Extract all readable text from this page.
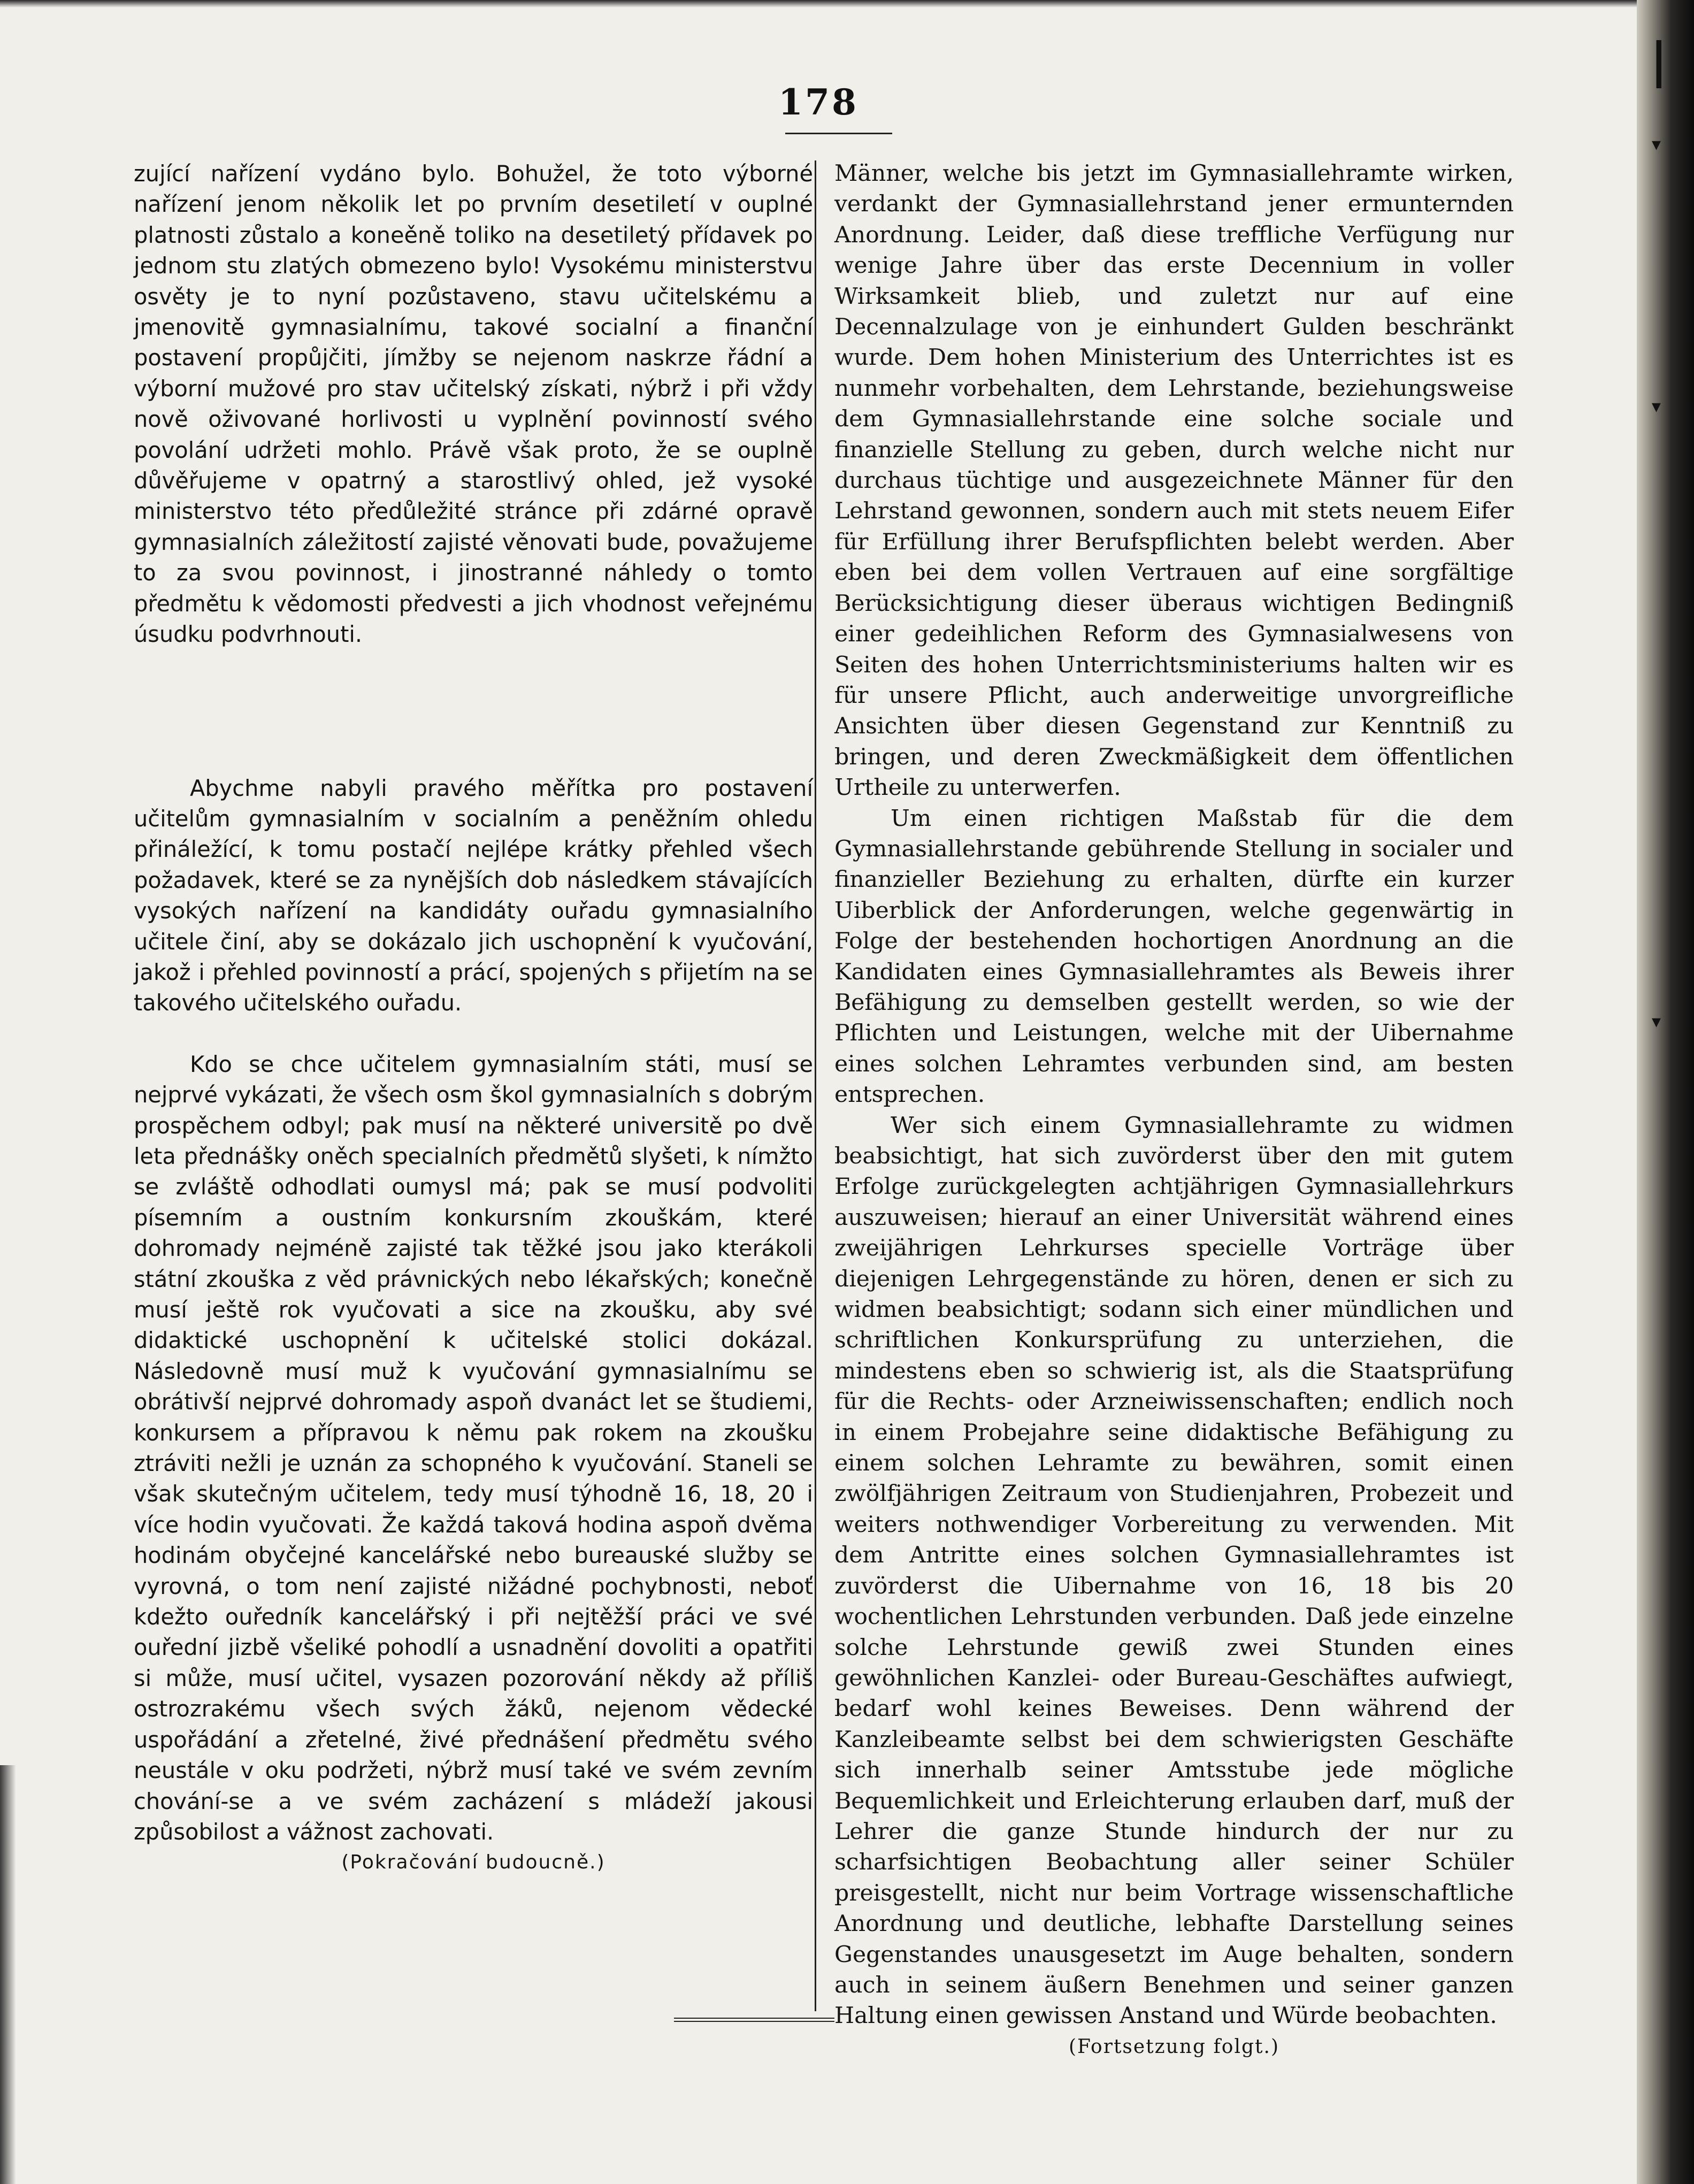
178

zující nařízení vydáno bylo. Bohužel, že toto výborné nařízení jenom několik let po prvním desetiletí v ouplné platnosti zůstalo a koneěně toliko na desetiletý přídavek po jednom stu zlatých obmezeno bylo! Vysokému ministerstvu osvěty je to nyní pozůstaveno, stavu učitelskému a jmenovitě gymnasialnímu, takové socialní a finanční postavení propůjčiti, jímžby se nejenom naskrze řádní a výborní mužové pro stav učitelský získati, nýbrž i při vždy nově oživované horlivosti u vyplnění povinností svého povolání udržeti mohlo. Právě však proto, že se ouplně důvěřujeme v opatrný a starostlivý ohled, jež vysoké ministerstvo této předůležité stránce při zdárné opravě gymnasialních záležitostí zajisté věnovati bude, považujeme to za svou povinnost, i jinostranné náhledy o tomto předmětu k vědomosti předvesti a jich vhodnost veřejnému úsudku podvrhnouti.

Abychme nabyli pravého měřítka pro postavení učitelům gymnasialním v socialním a peněžním ohledu přináležící, k tomu postačí nejlépe krátky přehled všech požadavek, které se za nynějších dob následkem stávajících vysokých nařízení na kandidáty ouřadu gymnasialního učitele činí, aby se dokázalo jich uschopnění k vyučování, jakož i přehled povinností a prácí, spojených s přijetím na se takového učitelského ouřadu.

Kdo se chce učitelem gymnasialním státi, musí se nejprvé vykázati, že všech osm škol gymnasialních s dobrým prospěchem odbyl; pak musí na některé universitě po dvě leta přednášky oněch specialních předmětů slyšeti, k nímžto se zvláště odhodlati oumysl má; pak se musí podvoliti písemním a oustním konkursním zkouškám, které dohromady nejméně zajisté tak těžké jsou jako kterákoli státní zkouška z věd právnických nebo lékařských; konečně musí ještě rok vyučovati a sice na zkoušku, aby své didaktické uschopnění k učitelské stolici dokázal. Následovně musí muž k vyučování gymnasialnímu se obrátivší nejprvé dohromady aspoň dvanáct let se študiemi, konkursem a přípravou k němu pak rokem na zkoušku ztráviti nežli je uznán za schopného k vyučování. Staneli se však skutečným učitelem, tedy musí týhodně 16, 18, 20 i více hodin vyučovati. Že každá taková hodina aspoň dvěma hodinám obyčejné kancelářské nebo bureauské služby se vyrovná, o tom není zajisté nižádné pochybnosti, neboť kdežto ouředník kancelářský i při nejtěžší práci ve své ouřední jizbě všeliké pohodlí a usnadnění dovoliti a opatřiti si může, musí učitel, vysazen pozorování někdy až příliš ostrozrakému všech svých žáků, nejenom vědecké uspořádání a zřetelné, živé přednášení předmětu svého neustále v oku podržeti, nýbrž musí také ve svém zevním chování-se a ve svém zacházení s mládeží jakousi způsobilost a vážnost zachovati.

(Pokračování budoucně.)

Männer, welche bis jetzt im Gymnasiallehramte wirken, verdankt der Gymnasiallehrstand jener ermunternden Anordnung. Leider, daß diese treffliche Verfügung nur wenige Jahre über das erste Decennium in voller Wirksamkeit blieb, und zuletzt nur auf eine Decennalzulage von je einhundert Gulden beschränkt wurde. Dem hohen Ministerium des Unterrichtes ist es nunmehr vorbehalten, dem Lehrstande, beziehungsweise dem Gymnasiallehrstande eine solche sociale und finanzielle Stellung zu geben, durch welche nicht nur durchaus tüchtige und ausgezeichnete Männer für den Lehrstand gewonnen, sondern auch mit stets neuem Eifer für Erfüllung ihrer Berufspflichten belebt werden. Aber eben bei dem vollen Vertrauen auf eine sorgfältige Berücksichtigung dieser überaus wichtigen Bedingniß einer gedeihlichen Reform des Gymnasialwesens von Seiten des hohen Unterrichtsministeriums halten wir es für unsere Pflicht, auch anderweitige unvorgreifliche Ansichten über diesen Gegenstand zur Kenntniß zu bringen, und deren Zweckmäßigkeit dem öffentlichen Urtheile zu unterwerfen.

Um einen richtigen Maßstab für die dem Gymnasiallehrstande gebührende Stellung in socialer und finanzieller Beziehung zu erhalten, dürfte ein kurzer Uiberblick der Anforderungen, welche gegenwärtig in Folge der bestehenden hochortigen Anordnung an die Kandidaten eines Gymnasiallehramtes als Beweis ihrer Befähigung zu demselben gestellt werden, so wie der Pflichten und Leistungen, welche mit der Uibernahme eines solchen Lehramtes verbunden sind, am besten entsprechen.

Wer sich einem Gymnasiallehramte zu widmen beabsichtigt, hat sich zuvörderst über den mit gutem Erfolge zurückgelegten achtjährigen Gymnasiallehrkurs auszuweisen; hierauf an einer Universität während eines zweijährigen Lehrkurses specielle Vorträge über diejenigen Lehrgegenstände zu hören, denen er sich zu widmen beabsichtigt; sodann sich einer mündlichen und schriftlichen Konkursprüfung zu unterziehen, die mindestens eben so schwierig ist, als die Staatsprüfung für die Rechts- oder Arzneiwissenschaften; endlich noch in einem Probejahre seine didaktische Befähigung zu einem solchen Lehramte zu bewähren, somit einen zwölfjährigen Zeitraum von Studienjahren, Probezeit und weiters nothwendiger Vorbereitung zu verwenden. Mit dem Antritte eines solchen Gymnasiallehramtes ist zuvörderst die Uibernahme von 16, 18 bis 20 wochentlichen Lehrstunden verbunden. Daß jede einzelne solche Lehrstunde gewiß zwei Stunden eines gewöhnlichen Kanzlei- oder Bureau-Geschäftes aufwiegt, bedarf wohl keines Beweises. Denn während der Kanzleibeamte selbst bei dem schwierigsten Geschäfte sich innerhalb seiner Amtsstube jede mögliche Bequemlichkeit und Erleichterung erlauben darf, muß der Lehrer die ganze Stunde hindurch der nur zu scharfsichtigen Beobachtung aller seiner Schüler preisgestellt, nicht nur beim Vortrage wissenschaftliche Anordnung und deutliche, lebhafte Darstellung seines Gegenstandes unausgesetzt im Auge behalten, sondern auch in seinem äußern Benehmen und seiner ganzen Haltung einen gewissen Anstand und Würde beobachten.

(Fortsetzung folgt.)

|
▾
▾
▾
